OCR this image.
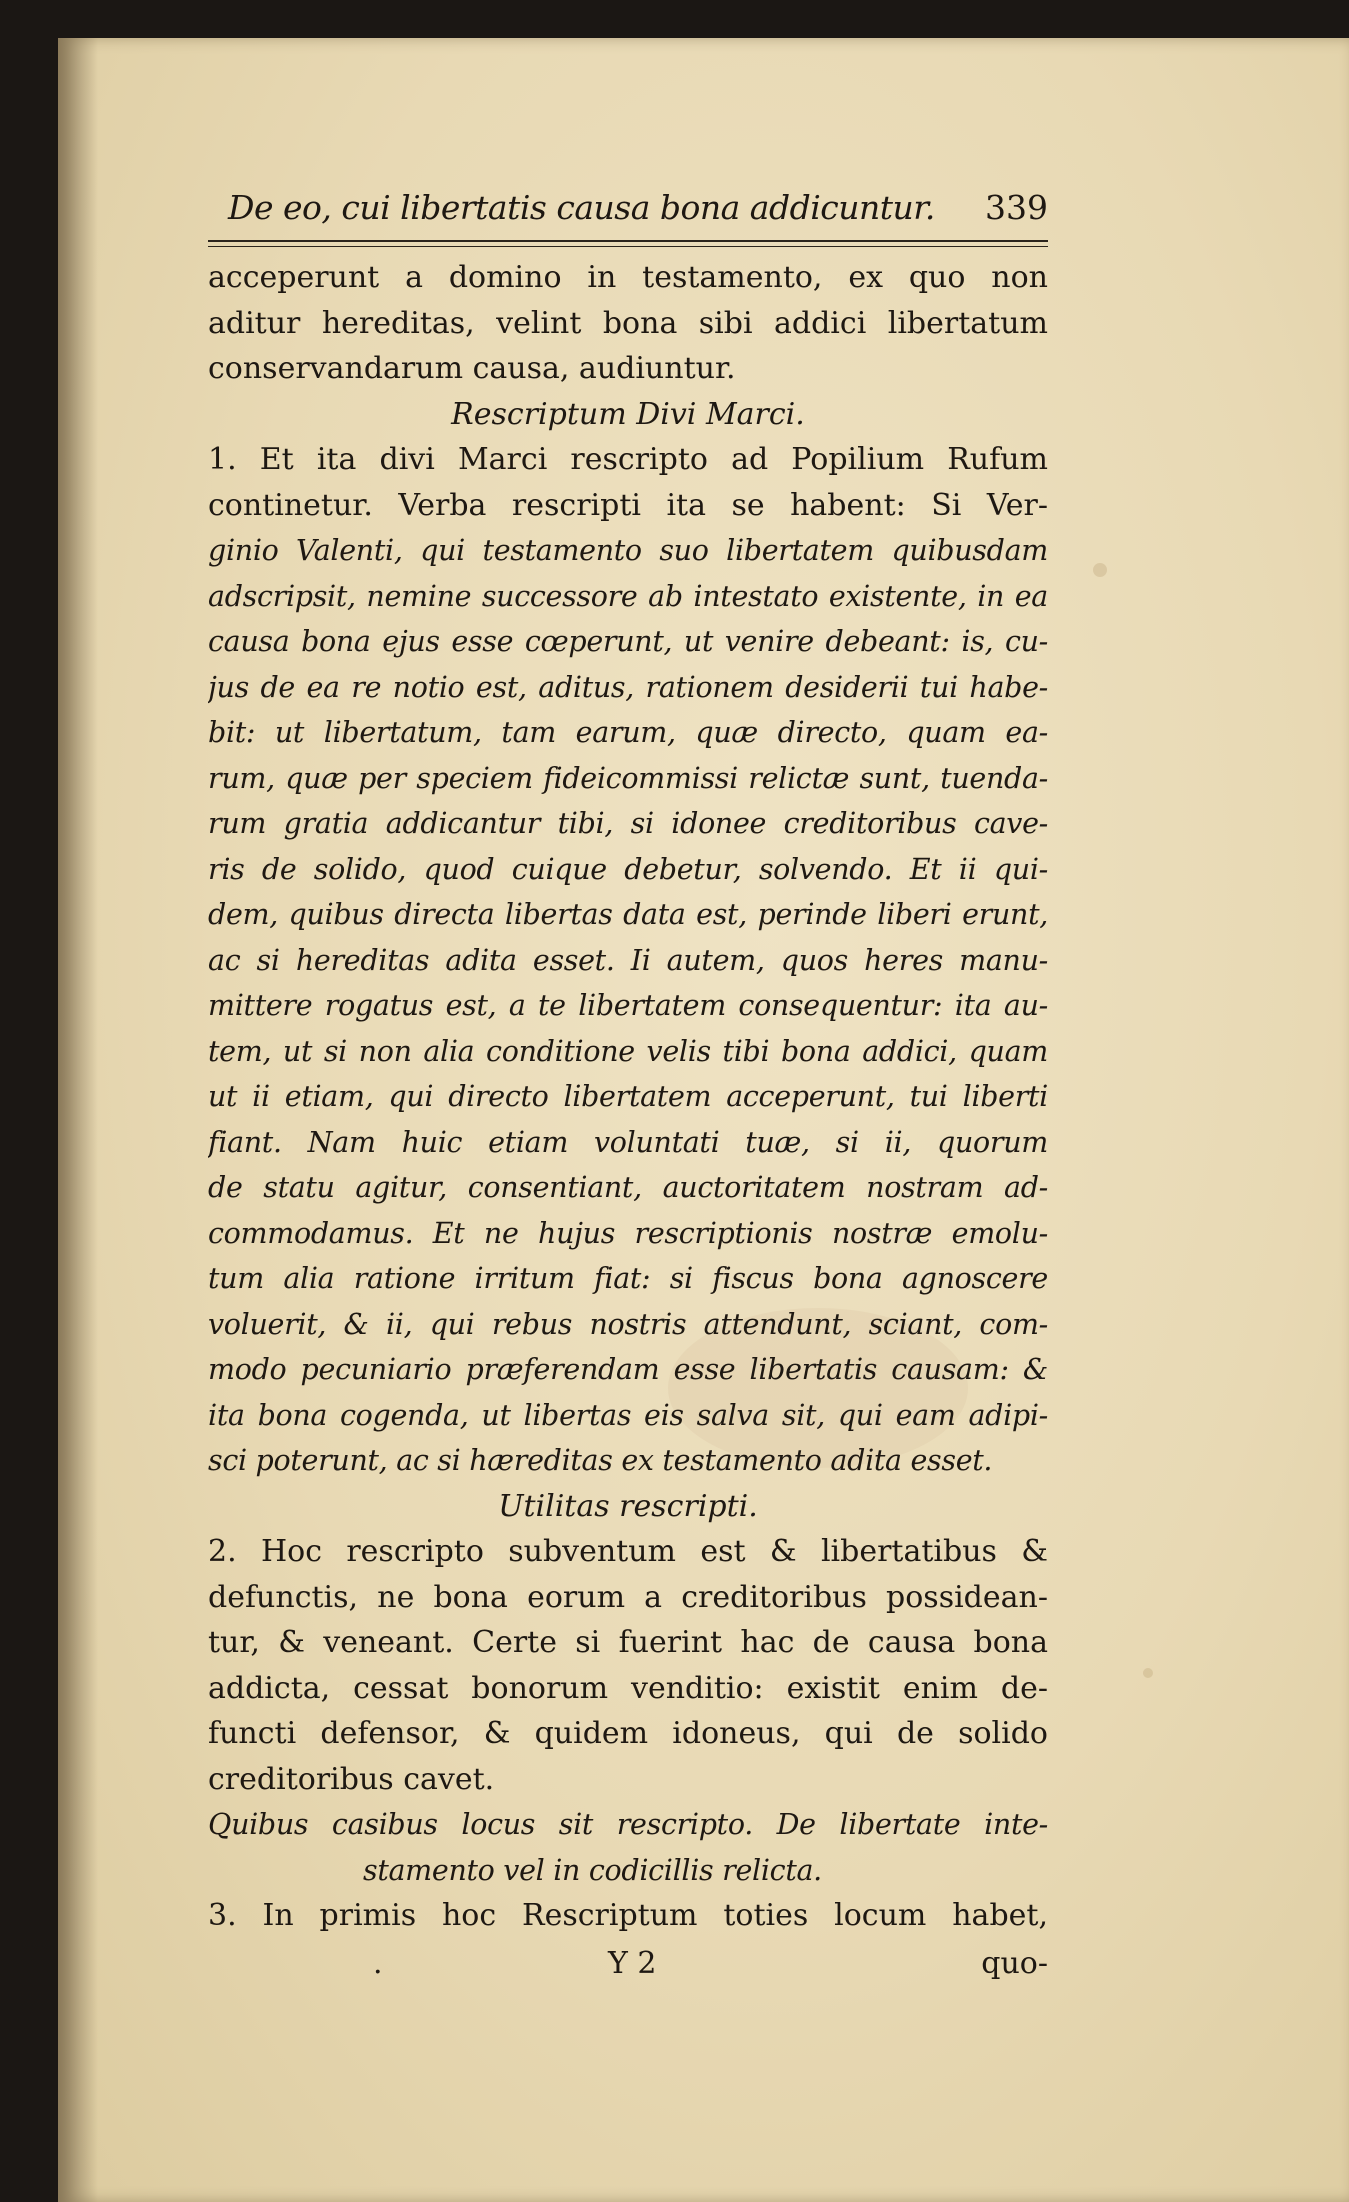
De eo, cui libertatis causa bona addicuntur. 339
acceperunt a domino in testamento, ex quo non
aditur hereditas, velint bona sibi addici libertatum
conservandarum causa, audiuntur.
Rescriptum Divi Marci.
1. Et ita divi Marci rescripto ad Popilium Rufum
continetur. Verba rescripti ita se habent: Si Ver-
ginio Valenti, qui testamento suo libertatem quibusdam
adscripsit, nemine successore ab intestato existente, in ea
causa bona ejus esse cœperunt, ut venire debeant: is, cu-
jus de ea re notio est, aditus, rationem desiderii tui habe-
bit: ut libertatum, tam earum, quæ directo, quam ea-
rum, quæ per speciem fideicommissi relictæ sunt, tuenda-
rum gratia addicantur tibi, si idonee creditoribus cave-
ris de solido, quod cuique debetur, solvendo. Et ii qui-
dem, quibus directa libertas data est, perinde liberi erunt,
ac si hereditas adita esset. Ii autem, quos heres manu-
mittere rogatus est, a te libertatem consequentur: ita au-
tem, ut si non alia conditione velis tibi bona addici, quam
ut ii etiam, qui directo libertatem acceperunt, tui liberti
fiant. Nam huic etiam voluntati tuæ, si ii, quorum
de statu agitur, consentiant, auctoritatem nostram ad-
commodamus. Et ne hujus rescriptionis nostræ emolu-
tum alia ratione irritum fiat: si fiscus bona agnoscere
voluerit, & ii, qui rebus nostris attendunt, sciant, com-
modo pecuniario præferendam esse libertatis causam: &
ita bona cogenda, ut libertas eis salva sit, qui eam adipi-
sci poterunt, ac si hæreditas ex testamento adita esset.
Utilitas rescripti.
2. Hoc rescripto subventum est & libertatibus &
defunctis, ne bona eorum a creditoribus possidean-
tur, & veneant. Certe si fuerint hac de causa bona
addicta, cessat bonorum venditio: existit enim de-
functi defensor, & quidem idoneus, qui de solido
creditoribus cavet.
Quibus casibus locus sit rescripto. De libertate inte-
stamento vel in codicillis relicta.
3. In primis hoc Rescriptum toties locum habet,
.	Y 2	quo-
